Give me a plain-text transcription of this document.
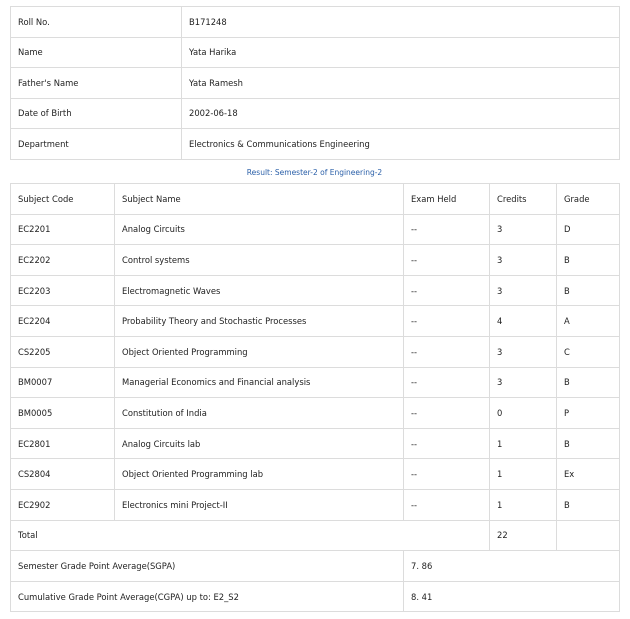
Roll No.	B171248
Name	Yata Harika
Father's Name	Yata Ramesh
Date of Birth	2002-06-18
Department	Electronics & Communications Engineering
Result: Semester-2 of Engineering-2
Subject Code	Subject Name	Exam Held	Credits	Grade
EC2201	Analog Circuits	--	3	D
EC2202	Control systems	--	3	B
EC2203	Electromagnetic Waves	--	3	B
EC2204	Probability Theory and Stochastic Processes	--	4	A
CS2205	Object Oriented Programming	--	3	C
BM0007	Managerial Economics and Financial analysis	--	3	B
BM0005	Constitution of India	--	0	P
EC2801	Analog Circuits lab	--	1	B
CS2804	Object Oriented Programming lab	--	1	Ex
EC2902	Electronics mini Project-II	--	1	B
Total			22	
Semester Grade Point Average(SGPA)		7. 86		
Cumulative Grade Point Average(CGPA) up to: E2_S2		8. 41		
